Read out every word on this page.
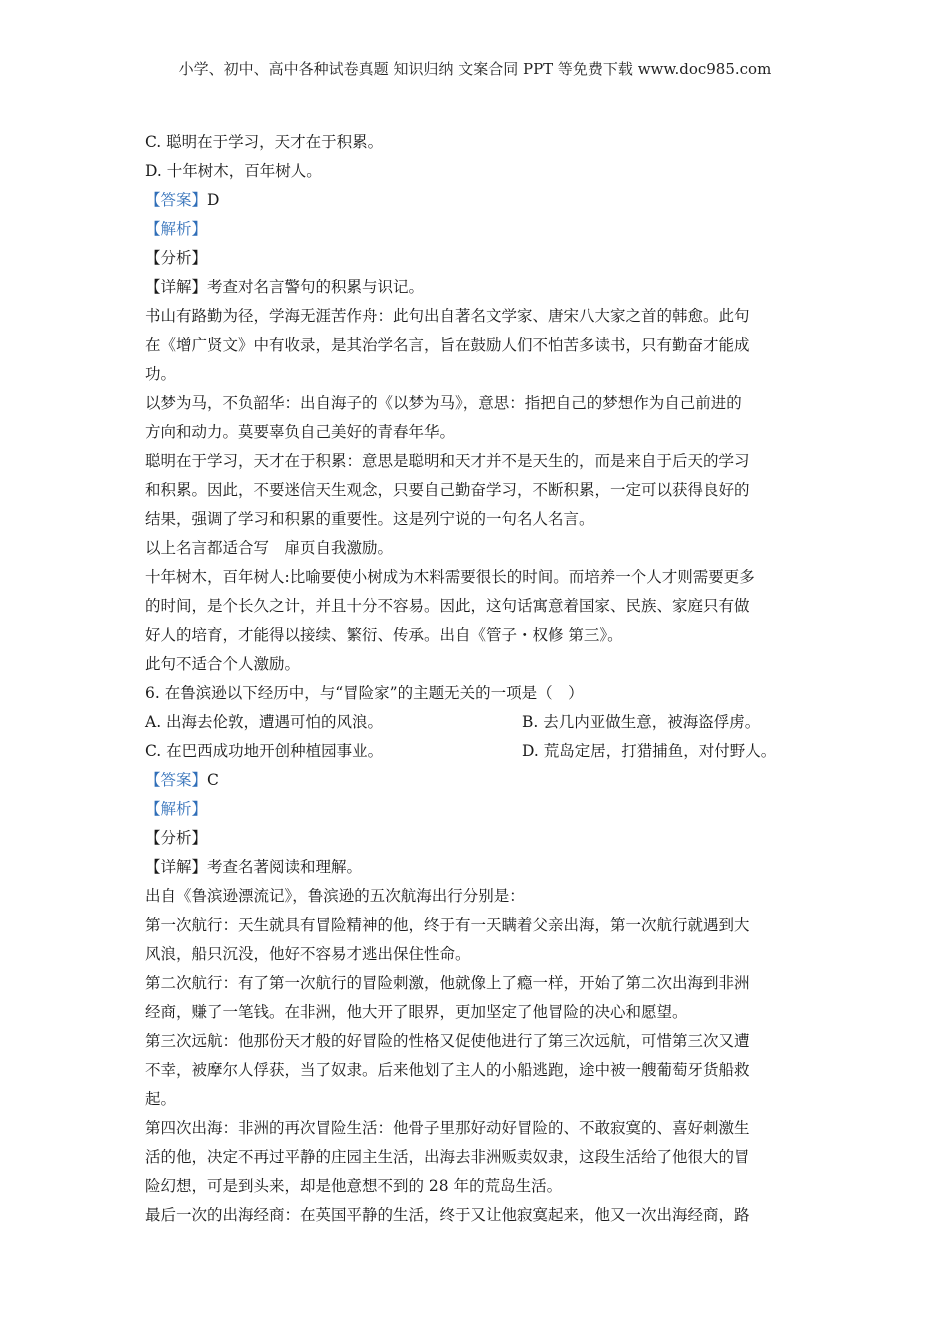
小学、初中、高中各种试卷真题 知识归纳 文案合同 PPT 等免费下载 www.doc985.com
C. 聪明在于学习，天才在于积累。
D. 十年树木，百年树人。
【答案】D
【解析】
【分析】
【详解】考查对名言警句的积累与识记。
书山有路勤为径，学海无涯苦作舟：此句出自著名文学家、唐宋八大家之首的韩愈。此句
在《增广贤文》中有收录，是其治学名言，旨在鼓励人们不怕苦多读书，只有勤奋才能成
功。
以梦为马，不负韶华：出自海子的《以梦为马》，意思：指把自己的梦想作为自己前进的
方向和动力。莫要辜负自己美好的青春年华。
聪明在于学习，天才在于积累：意思是聪明和天才并不是天生的，而是来自于后天的学习
和积累。因此，不要迷信天生观念，只要自己勤奋学习，不断积累，一定可以获得良好的
结果，强调了学习和积累的重要性。这是列宁说的一句名人名言。
以上名言都适合写　扉页自我激励。
十年树木，百年树人:比喻要使小树成为木料需要很长的时间。而培养一个人才则需要更多
的时间，是个长久之计，并且十分不容易。因此，这句话寓意着国家、民族、家庭只有做
好人的培育，才能得以接续、繁衍、传承。出自《管子・权修 第三》。
此句不适合个人激励。
6. 在鲁滨逊以下经历中，与“冒险家”的主题无关的一项是（　）
A. 出海去伦敦，遭遇可怕的风浪。	B. 去几内亚做生意，被海盗俘虏。
C. 在巴西成功地开创种植园事业。	D. 荒岛定居，打猎捕鱼，对付野人。
【答案】C
【解析】
【分析】
【详解】考查名著阅读和理解。
出自《鲁滨逊漂流记》，鲁滨逊的五次航海出行分别是：
第一次航行：天生就具有冒险精神的他，终于有一天瞒着父亲出海，第一次航行就遇到大
风浪，船只沉没，他好不容易才逃出保住性命。
第二次航行：有了第一次航行的冒险刺激，他就像上了瘾一样，开始了第二次出海到非洲
经商，赚了一笔钱。在非洲，他大开了眼界，更加坚定了他冒险的决心和愿望。
第三次远航：他那份天才般的好冒险的性格又促使他进行了第三次远航，可惜第三次又遭
不幸，被摩尔人俘获，当了奴隶。后来他划了主人的小船逃跑，途中被一艘葡萄牙货船救
起。
第四次出海：非洲的再次冒险生活：他骨子里那好动好冒险的、不敢寂寞的、喜好刺激生
活的他，决定不再过平静的庄园主生活，出海去非洲贩卖奴隶，这段生活给了他很大的冒
险幻想，可是到头来，却是他意想不到的 28 年的荒岛生活。
最后一次的出海经商：在英国平静的生活，终于又让他寂寞起来，他又一次出海经商，路
